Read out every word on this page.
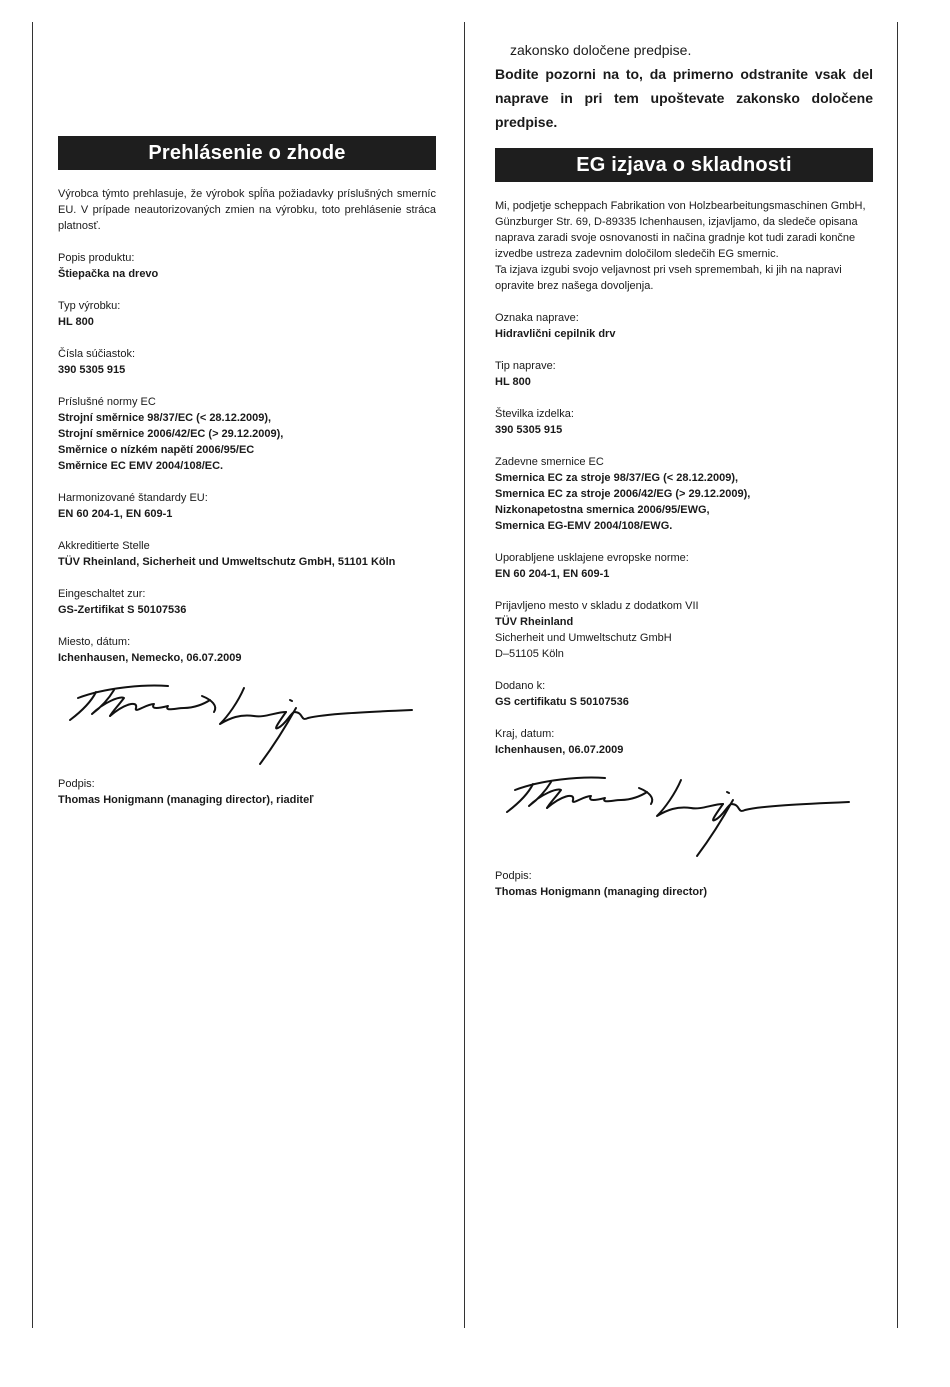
Prehlásenie o zhode

Výrobca týmto prehlasuje, že výrobok spĺňa požiadavky príslušných smerníc EU. V prípade neautorizovaných zmien na výrobku, toto prehlásenie stráca platnosť.

Popis produktu:

Štiepačka na drevo

Typ výrobku:

HL 800

Čísla súčiastok:

390 5305 915

Príslušné normy EC

Strojní směrnice 98/37/EC (< 28.12.2009),

Strojní směrnice 2006/42/EC (> 29.12.2009),

Směrnice o nízkém napětí 2006/95/EC

Směrnice EC EMV 2004/108/EC.

Harmonizované štandardy EU:

EN 60 204-1, EN 609-1

Akkreditierte Stelle

TÜV Rheinland, Sicherheit und Umweltschutz GmbH, 51101 Köln

Eingeschaltet zur:

GS-Zertifikat S 50107536

Miesto, dátum:

Ichenhausen, Nemecko, 06.07.2009

Podpis:

Thomas Honigmann (managing director), riaditeľ

zakonsko določene predpise.
Bodite pozorni na to, da primerno odstranite vsak del naprave in pri tem upoštevate zakonsko določene predpise.
EG izjava o skladnosti

Mi, podjetje scheppach Fabrikation von Holzbearbeitungsmaschinen GmbH, Günzburger Str. 69, D-89335 Ichenhausen, izjavljamo, da sledeče opisana naprava zaradi svoje osnovanosti in načina gradnje kot tudi zaradi končne izvedbe ustreza zadevnim določilom sledečih EG smernic.

Ta izjava izgubi svojo veljavnost pri vseh spremembah, ki jih na napravi opravite brez našega dovoljenja.

Oznaka naprave:

Hidravlični cepilnik drv

Tip naprave:

HL 800

Številka izdelka:

390 5305 915

Zadevne smernice EC

Smernica EC za stroje 98/37/EG (< 28.12.2009),

Smernica EC za stroje 2006/42/EG (> 29.12.2009),

Nizkonapetostna smernica 2006/95/EWG,

Smernica EG-EMV 2004/108/EWG.

Uporabljene usklajene evropske norme:

EN 60 204-1, EN 609-1

Prijavljeno mesto v skladu z dodatkom VII

TÜV Rheinland

Sicherheit und Umweltschutz GmbH

D–51105 Köln

Dodano k:

GS certifikatu S 50107536

Kraj, datum:

Ichenhausen, 06.07.2009

Podpis:

Thomas Honigmann (managing director)
